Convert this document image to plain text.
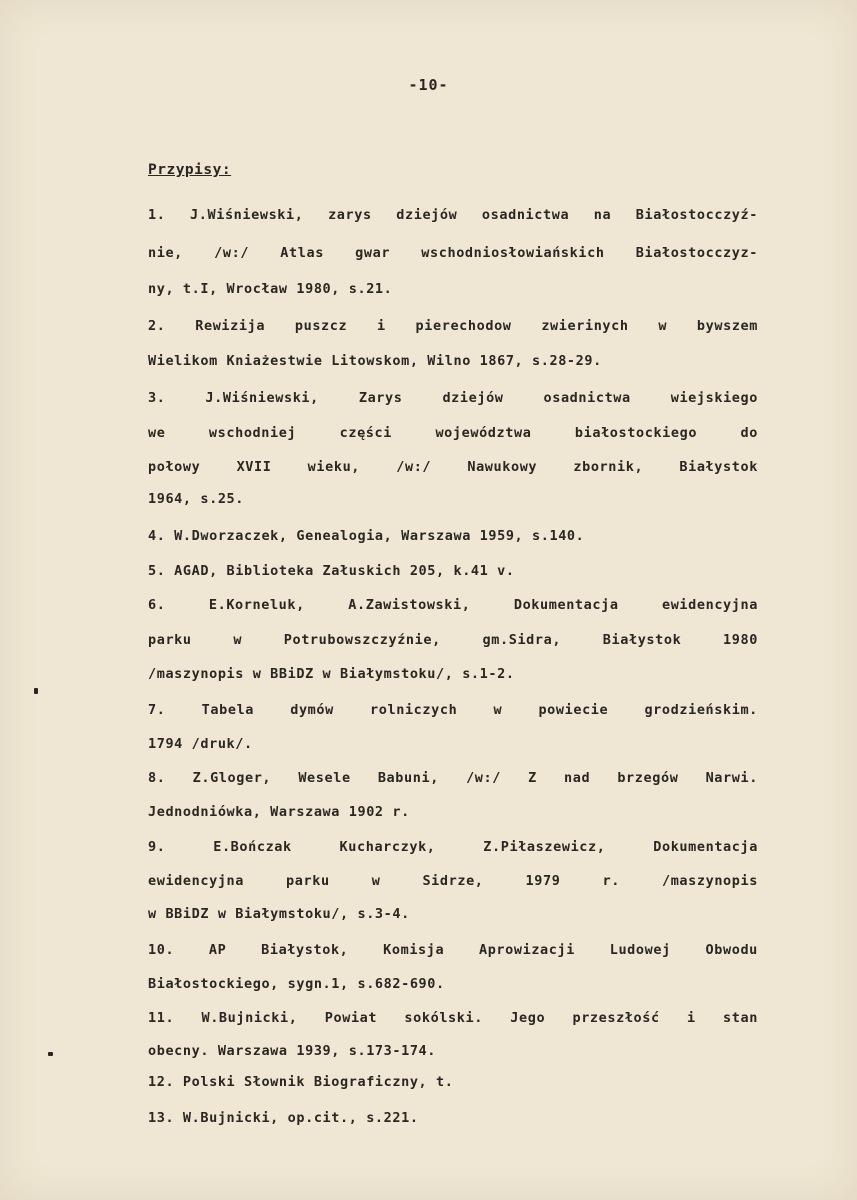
-10-
Przypisy:
1. J.Wiśniewski, zarys dziejów osadnictwa na Białostocczyź-
nie, /w:/ Atlas gwar wschodniosłowiańskich Białostocczyz-
ny, t.I, Wrocław 1980, s.21.
2. Rewizija puszcz i pierechodow zwierinych w bywszem
Wielikom Kniażestwie Litowskom, Wilno 1867, s.28-29.
3.	J.Wiśniewski,	Zarys	dziejów	osadnictwa	wiejskiego
we	wschodniej	części	województwa	białostockiego	do
połowy	XVII	wieku,	/w:/	Nawukowy	zbornik,	Białystok
1964, s.25.
4. W.Dworzaczek, Genealogia, Warszawa 1959, s.140.
5. AGAD, Biblioteka Załuskich 205, k.41 v.
6.	E.Korneluk,	A.Zawistowski,	Dokumentacja	ewidencyjna
parku	w	Potrubowszczyźnie,	gm.Sidra,	Białystok	1980
/maszynopis w BBiDZ w Białymstoku/, s.1-2.
7.	Tabela	dymów	rolniczych	w	powiecie	grodzieńskim.
1794 /druk/.
8. Z.Gloger, Wesele Babuni, /w:/ Z nad brzegów Narwi.
Jednodniówka, Warszawa 1902 r.
9.	E.Bończak	Kucharczyk,	Z.Piłaszewicz,	Dokumentacja
ewidencyjna	parku	w	Sidrze,	1979	r.	/maszynopis
w BBiDZ w Białymstoku/, s.3-4.
10.	AP	Białystok,	Komisja	Aprowizacji	Ludowej	Obwodu
Białostockiego, sygn.1, s.682-690.
11. W.Bujnicki, Powiat sokólski. Jego przeszłość i stan
obecny. Warszawa 1939, s.173-174.
12. Polski Słownik Biograficzny, t.
13. W.Bujnicki, op.cit., s.221.
